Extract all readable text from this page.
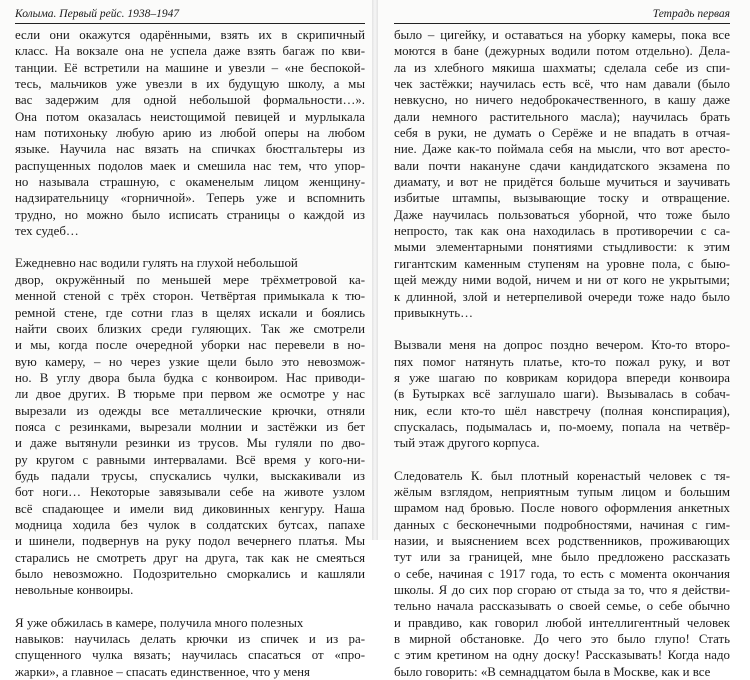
Колыма. Первый рейс. 1938–1947
если они окажутся одарёнными, взять их в скрипичный
класс. На вокзале она не успела даже взять багаж по кви-
танции. Её встретили на машине и увезли – «не беспокой-
тесь, мальчиков уже увезли в их будущую школу, а мы
вас задержим для одной небольшой формальности…».
Она потом оказалась неистощимой певицей и мурлыкала
нам потихоньку любую арию из любой оперы на любом
языке. Научила нас вязать на спичках бюстгальтеры из
распущенных подолов маек и смешила нас тем, что упор-
но называла страшную, с окаменелым лицом женщину-
надзирательницу «горничной». Теперь уже и вспомнить
трудно, но можно было исписать страницы о каждой из
тех судеб…
Ежедневно нас водили гулять на глухой небольшой
двор, окружённый по меньшей мере трёхметровой ка-
менной стеной с трёх сторон. Четвёртая примыкала к тю-
ремной стене, где сотни глаз в щелях искали и боялись
найти своих близких среди гуляющих. Так же смотрели
и мы, когда после очередной уборки нас перевели в но-
вую камеру, – но через узкие щели было это невозмож-
но. В углу двора была будка с конвоиром. Нас приводи-
ли двое других. В тюрьме при первом же осмотре у нас
вырезали из одежды все металлические крючки, отняли
пояса с резинками, вырезали молнии и застёжки из бет
и даже вытянули резинки из трусов. Мы гуляли по дво-
ру кругом с равными интервалами. Всё время у кого-ни-
будь падали трусы, спускались чулки, выскакивали из
бот ноги… Некоторые завязывали себе на животе узлом
всё спадающее и имели вид диковинных кенгуру. Наша
модница ходила без чулок в солдатских бутсах, папахе
и шинели, подвернув на руку подол вечернего платья. Мы
старались не смотреть друг на друга, так как не смеяться
было невозможно. Подозрительно сморкались и кашляли
невольные конвоиры.
Я уже обжилась в камере, получила много полезных
навыков: научилась делать крючки из спичек и из ра-
спущенного чулка вязать; научилась спасаться от «про-
жарки», а главное – спасать единственное, что у меня
Тетрадь первая
было – цигейку, и оставаться на уборку камеры, пока все
моются в бане (дежурных водили потом отдельно). Дела-
ла из хлебного мякиша шахматы; сделала себе из спи-
чек застёжки; научилась есть всё, что нам давали (было
невкусно, но ничего недоброкачественного, в кашу даже
дали немного растительного масла); научилась брать
себя в руки, не думать о Серёже и не впадать в отчая-
ние. Даже как-то поймала себя на мысли, что вот аресто-
вали почти накануне сдачи кандидатского экзамена по
диамату, и вот не придётся больше мучиться и заучивать
избитые штампы, вызывающие тоску и отвращение.
Даже научилась пользоваться уборной, что тоже было
непросто, так как она находилась в противоречии с са-
мыми элементарными понятиями стыдливости: к этим
гигантским каменным ступеням на уровне пола, с быю-
щей между ними водой, ничем и ни от кого не укрытыми;
к длинной, злой и нетерпеливой очереди тоже надо было
привыкнуть…
Вызвали меня на допрос поздно вечером. Кто-то второ-
пях помог натянуть платье, кто-то пожал руку, и вот
я уже шагаю по коврикам коридора впереди конвоира
(в Бутырках всё заглушало шаги). Вызывалась в собач-
ник, если кто-то шёл навстречу (полная конспирация),
спускалась, подымалась и, по-моему, попала на четвёр-
тый этаж другого корпуса.
Следователь К. был плотный коренастый человек с тя-
жёлым взглядом, неприятным тупым лицом и большим
шрамом над бровью. После нового оформления анкетных
данных с бесконечными подробностями, начиная с гим-
назии, и выяснением всех родственников, проживающих
тут или за границей, мне было предложено рассказать
о себе, начиная с 1917 года, то есть с момента окончания
школы. Я до сих пор сгораю от стыда за то, что я действи-
тельно начала рассказывать о своей семье, о себе обычно
и правдиво, как говорил любой интеллигентный человек
в мирной обстановке. До чего это было глупо! Стать
с этим кретином на одну доску! Рассказывать! Когда надо
было говорить: «В семнадцатом была в Москве, как и все
